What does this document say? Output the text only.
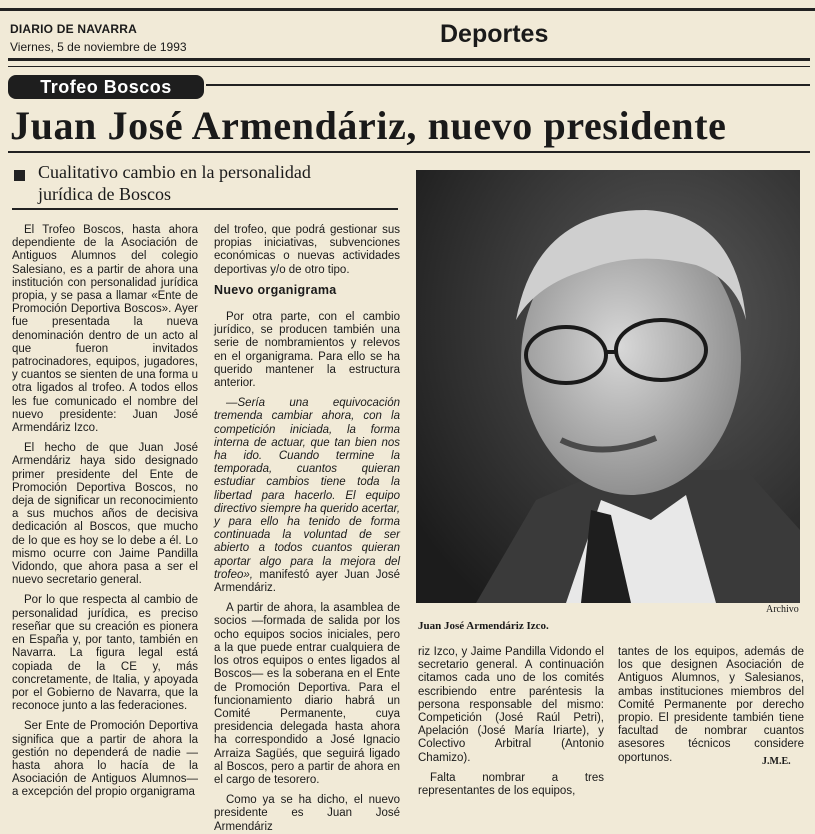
DIARIO DE NAVARRA
Viernes, 5 de noviembre de 1993	Deportes
Trofeo Boscos
Juan José Armendáriz, nuevo presidente
Cualitativo cambio en la personalidad
jurídica de Boscos

El Trofeo Boscos, hasta ahora dependiente de la Asociación de Antiguos Alumnos del colegio Salesiano, es a partir de ahora una institución con personalidad jurídica propia, y se pasa a llamar «Ente de Promoción Deportiva Boscos». Ayer fue presentada la nueva denominación dentro de un acto al que fueron invitados patrocinadores, equipos, jugadores, y cuantos se sienten de una forma u otra ligados al trofeo. A todos ellos les fue comunicado el nombre del nuevo presidente: Juan José Armendáriz Izco.

El hecho de que Juan José Armendáriz haya sido designado primer presidente del Ente de Promoción Deportiva Boscos, no deja de significar un reconocimiento a sus muchos años de decisiva dedicación al Boscos, que mucho de lo que es hoy se lo debe a él. Lo mismo ocurre con Jaime Pandilla Vidondo, que ahora pasa a ser el nuevo secretario general.

Por lo que respecta al cambio de personalidad jurídica, es preciso reseñar que su creación es pionera en España y, por tanto, también en Navarra. La figura legal está copiada de la CE y, más concretamente, de Italia, y apoyada por el Gobierno de Navarra, que la reconoce junto a las federaciones.

Ser Ente de Promoción Deportiva significa que a partir de ahora la gestión no dependerá de nadie —hasta ahora lo hacía de la Asociación de Antiguos Alumnos— a excepción del propio organigrama

del trofeo, que podrá gestionar sus propias iniciativas, subvenciones económicas o nuevas actividades deportivas y/o de otro tipo.

Nuevo organigrama

Por otra parte, con el cambio jurídico, se producen también una serie de nombramientos y relevos en el organigrama. Para ello se ha querido mantener la estructura anterior.

—Sería una equivocación tremenda cambiar ahora, con la competición iniciada, la forma interna de actuar, que tan bien nos ha ido. Cuando termine la temporada, cuantos quieran estudiar cambios tiene toda la libertad para hacerlo. El equipo directivo siempre ha querido acertar, y para ello ha tenido de forma continuada la voluntad de ser abierto a todos cuantos quieran aportar algo para la mejora del trofeo», manifestó ayer Juan José Armendáriz.

A partir de ahora, la asamblea de socios —formada de salida por los ocho equipos socios iniciales, pero a la que puede entrar cualquiera de los otros equipos o entes ligados al Boscos— es la soberana en el Ente de Promoción Deportiva. Para el funcionamiento diario habrá un Comité Permanente, cuya presidencia delegada hasta ahora ha correspondido a José Ignacio Arraiza Sagüés, que seguirá ligado al Boscos, pero a partir de ahora en el cargo de tesorero.

Como ya se ha dicho, el nuevo presidente es Juan José Armendáriz

Archivo
Juan José Armendáriz Izco.

riz Izco, y Jaime Pandilla Vidondo el secretario general. A continuación citamos cada uno de los comités escribiendo entre paréntesis la persona responsable del mismo: Competición (José Raúl Petri), Apelación (José María Iriarte), y Colectivo Arbitral (Antonio Chamizo).

Falta nombrar a tres representantes de los equipos,

tantes de los equipos, además de los que designen Asociación de Antiguos Alumnos, y Salesianos, ambas instituciones miembros del Comité Permanente por derecho propio. El presidente también tiene facultad de nombrar cuantos asesores técnicos considere oportunos.	J.M.E.
